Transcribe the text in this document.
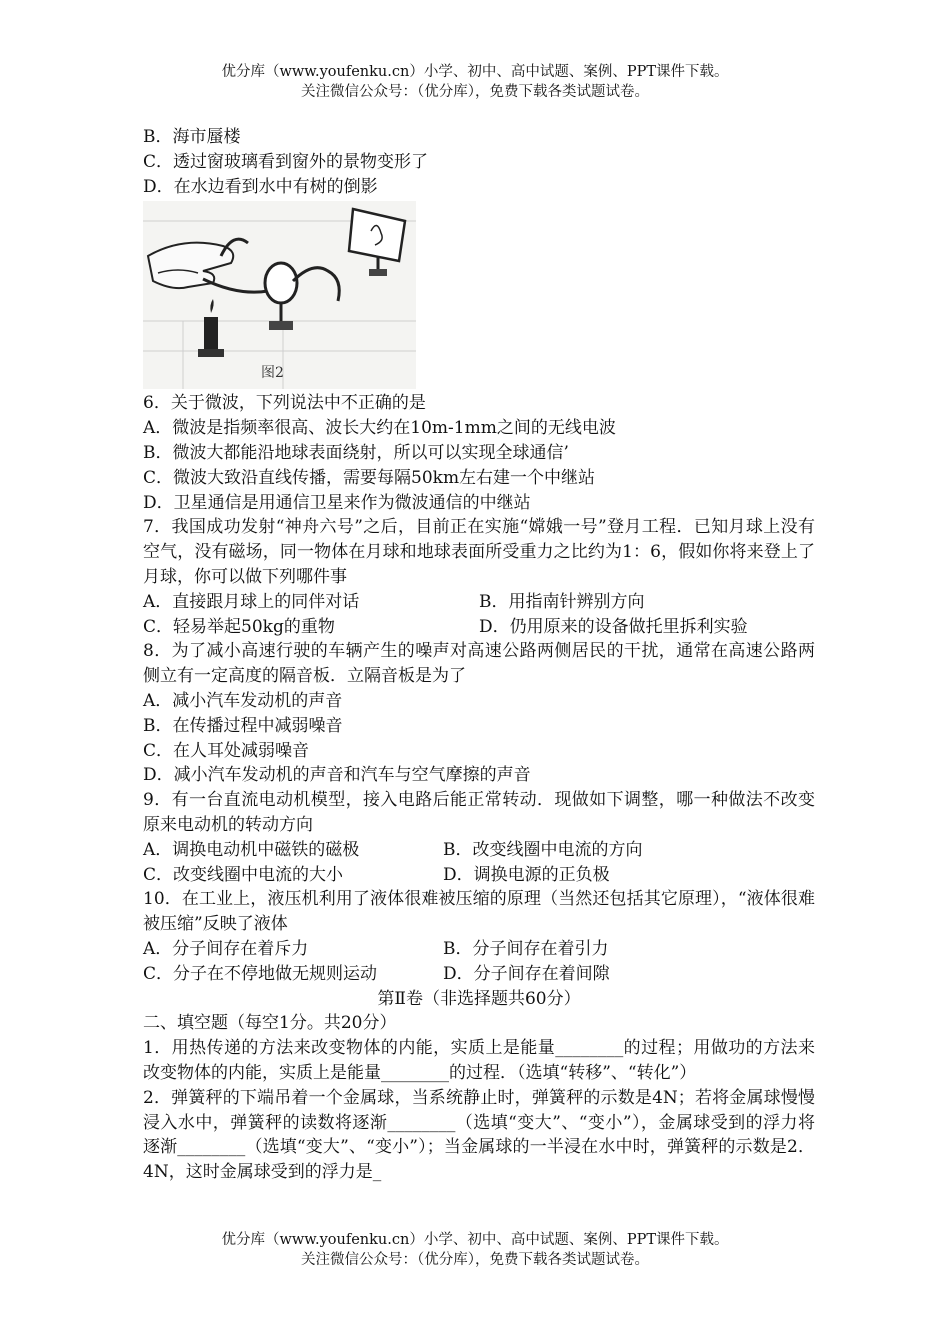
优分库（www.youfenku.cn）小学、初中、高中试题、案例、PPT课件下载。
关注微信公众号：（优分库），免费下载各类试题试卷。
B．海市蜃楼
C．透过窗玻璃看到窗外的景物变形了
D．在水边看到水中有树的倒影
图2
6．关于微波，下列说法中不正确的是
A．微波是指频率很高、波长大约在10m-1mm之间的无线电波
B．微波大都能沿地球表面绕射，所以可以实现全球通信’
C．微波大致沿直线传播，需要每隔50km左右建一个中继站
D．卫星通信是用通信卫星来作为微波通信的中继站
7．我国成功发射“神舟六号”之后，目前正在实施“嫦娥一号”登月工程．已知月球上没有空气，没有磁场，同一物体在月球和地球表面所受重力之比约为1：6，假如你将来登上了月球，你可以做下列哪件事
A．直接跟月球上的同伴对话	B．用指南针辨别方向
C．轻易举起50kg的重物	D．仍用原来的设备做托里拆利实验
8．为了减小高速行驶的车辆产生的噪声对高速公路两侧居民的干扰，通常在高速公路两侧立有一定高度的隔音板．立隔音板是为了
A．减小汽车发动机的声音
B．在传播过程中减弱噪音
C．在人耳处减弱噪音
D．减小汽车发动机的声音和汽车与空气摩擦的声音
9．有一台直流电动机模型，接入电路后能正常转动．现做如下调整，哪一种做法不改变原来电动机的转动方向
A．调换电动机中磁铁的磁极	B．改变线圈中电流的方向
C．改变线圈中电流的大小	D．调换电源的正负极
10．在工业上，液压机利用了液体很难被压缩的原理（当然还包括其它原理），“液体很难被压缩”反映了液体
A．分子间存在着斥力	B．分子间存在着引力
C．分子在不停地做无规则运动	D．分子间存在着间隙
第Ⅱ卷（非选择题共60分）
二、填空题（每空1分。共20分）
1．用热传递的方法来改变物体的内能，实质上是能量________的过程；用做功的方法来改变物体的内能，实质上是能量________的过程．（选填“转移”、“转化”）
2．弹簧秤的下端吊着一个金属球，当系统静止时，弹簧秤的示数是4N；若将金属球慢慢浸入水中，弹簧秤的读数将逐渐________（选填“变大”、“变小”），金属球受到的浮力将逐渐________（选填“变大”、“变小”）；当金属球的一半浸在水中时，弹簧秤的示数是2．4N，这时金属球受到的浮力是_
优分库（www.youfenku.cn）小学、初中、高中试题、案例、PPT课件下载。
关注微信公众号：（优分库），免费下载各类试题试卷。
